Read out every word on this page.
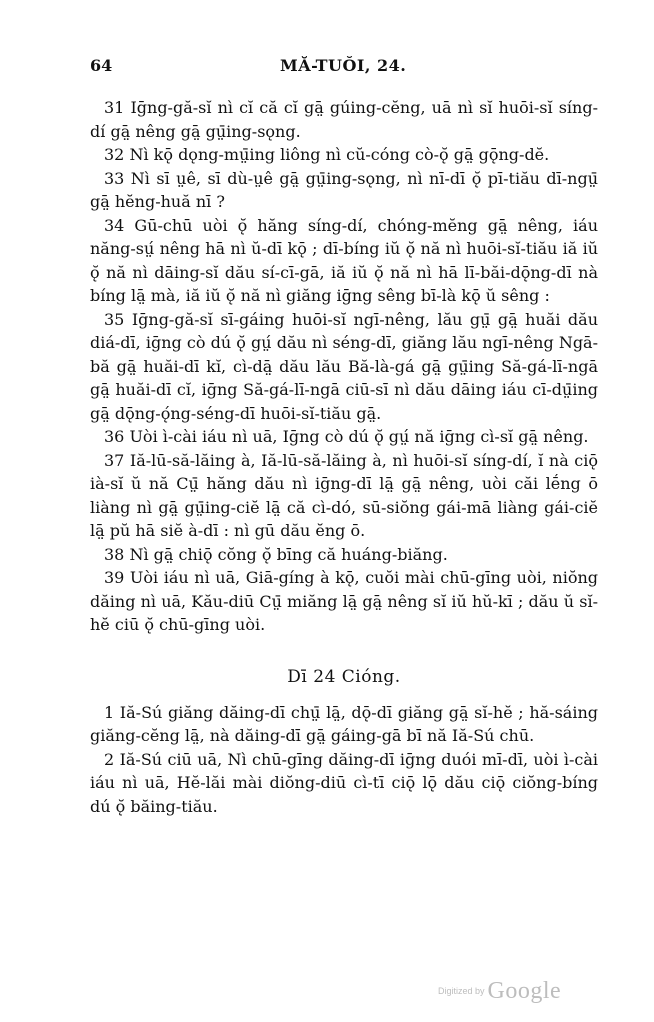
64	MĂ-TUŎI, 24.

31 Iḡng-gă-sĭ nì cĭ că cĭ gā̤ gúing-cĕng, uā nì sĭ huōi-sĭ síng-dí gā̤ nêng gā̤ gṳ̄ing-sǫng.

32 Nì kǭ dǫng-mṳ̄ing liông nì cŭ-cóng cò-ǫ̆ gā̤ gǭng-dĕ.

33 Nì sī ṳê, sī dù-ṳê gā̤ gṳ̄ing-sǫng, nì nī-dī ǫ̆ pī-tiău dī-ngṳ̄ gā̤ hĕng-huă nī ?

34 Gū-chū uòi ǫ̆ hăng síng-dí, chóng-mĕng gā̤ nêng, iáu năng-sṳ́ nêng hā nì ŭ-dī kǭ ; dī-bíng iŭ ǫ̆ nă nì huōi-sĭ-tiău iă iŭ ǫ̆ nă nì dāing-sĭ dău sí-cī-gā, iă iŭ ǫ̆ nă nì hā lī-băi-dǭng-dī nà bíng lā̤ mà, iă iŭ ǫ̆ nă nì giăng iḡng sêng bī-là kǭ ŭ sêng :

35 Iḡng-gă-sĭ sī-gáing huōi-sĭ ngī-nêng, lău gṳ̄ gā̤ huăi dău diá-dī, iḡng cò dú ǫ̆ gṳ́ dău nì séng-dī, giăng lău ngī-nêng Ngā-bă gā̤ huăi-dī kĭ, cì-dā̤ dău lău Bă-là-gá gā̤ gṳ̄ing Să-gá-lī-ngā gā̤ huăi-dī cĭ, iḡng Să-gá-lī-ngā ciū-sī nì dău dāing iáu cī-dṳ̄ing gā̤ dǭng-ǫ́ng-séng-dī huōi-sĭ-tiău gā̤.

36 Uòi ì-cài iáu nì uā, Iḡng cò dú ǫ̆ gṳ́ nă iḡng cì-sĭ gā̤ nêng.

37 Iă-lū-să-lăing à, Iă-lū-să-lăing à, nì huōi-sĭ síng-dí, ĭ nà ciǭ ià-sĭ ŭ nă Cṳ̄ hăng dău nì iḡng-dī lā̤ gā̤ nêng, uòi căi lḗng ō liàng nì gā̤ gṳ̄ing-ciĕ lā̤ că cì-dó, sū-siŏng gái-mā liàng gái-ciĕ lā̤ pŭ hā siĕ à-dī : nì gū dău ĕng ō.

38 Nì gā̤ chiǭ cŏng ǫ̆ bīng că huáng-biăng.

39 Uòi iáu nì uā, Giā-gíng à kǭ, cuŏi mài chū-gīng uòi, niŏng dăing nì uā, Kău-diū Cṳ̄ miăng lā̤ gā̤ nêng sĭ iŭ hŭ-kī ; dău ŭ sĭ-hĕ ciū ǫ̆ chū-gīng uòi.

Dī 24 Cióng.

1 Iă-Sú giăng dăing-dī chṳ̄ lā̤, dǭ-dī giăng gā̤ sĭ-hĕ ; hă-sáing giăng-cĕng lā̤, nà dăing-dī gā̤ gáing-gā bī nă Iă-Sú chū.

2 Iă-Sú ciū uā, Nì chū-gīng dăing-dī iḡng duói mī-dī, uòi ì-cài iáu nì uā, Hĕ-lăi mài diŏng-diū cì-tī ciǭ lǭ dău ciǭ ciŏng-bíng dú ǫ̆ băing-tiău.

$^{Digitized by}$ Google
